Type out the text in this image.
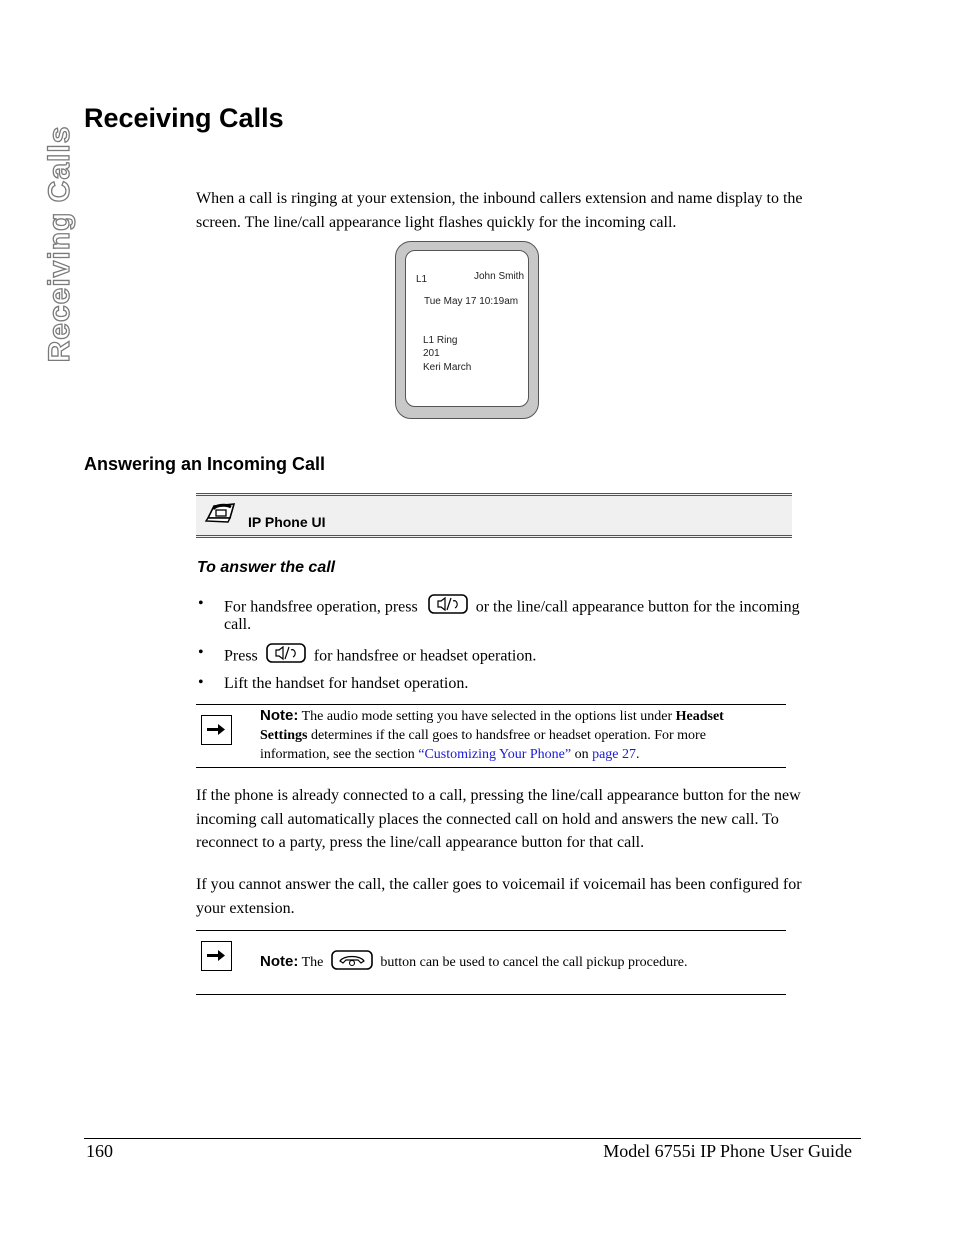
Receiving Calls
Receiving Calls
When a call is ringing at your extension, the inbound callers extension and name display to the
screen. The line/call appearance light flashes quickly for the incoming call.
L1	John Smith
Tue May 17 10:19am
L1 Ring
201
Keri March
Answering an Incoming Call
IP Phone UI
To answer the call
• For handsfree operation, press	or the line/call appearance button for the incoming
call.
• Press	for handsfree or headset operation.
• Lift the handset for handset operation.
Note: The audio mode setting you have selected in the options list under Headset
Settings determines if the call goes to handsfree or headset operation. For more
information, see the section “Customizing Your Phone” on page 27.
If the phone is already connected to a call, pressing the line/call appearance button for the new
incoming call automatically places the connected call on hold and answers the new call. To
reconnect to a party, press the line/call appearance button for that call.
If you cannot answer the call, the caller goes to voicemail if voicemail has been configured for
your extension.
Note: The	button can be used to cancel the call pickup procedure.
160	Model 6755i IP Phone User Guide
